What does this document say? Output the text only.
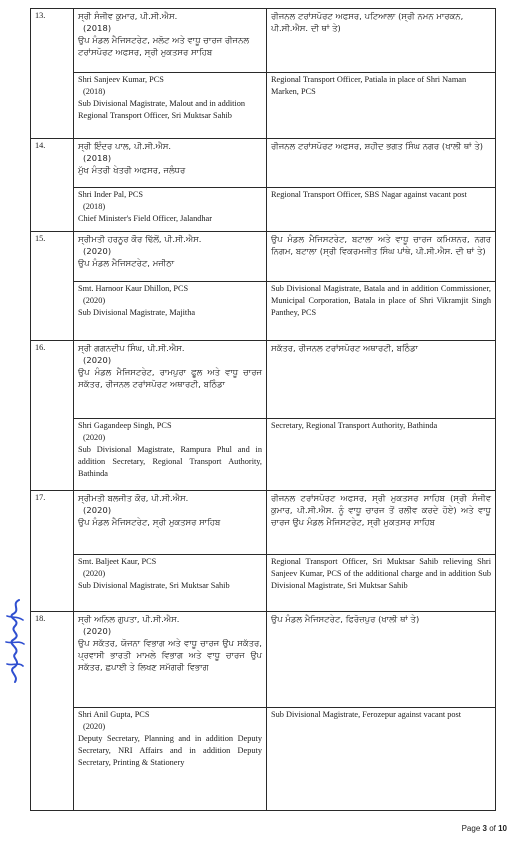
13.	ਸ੍ਰੀ ਸੰਜੀਵ ਕੁਮਾਰ, ਪੀ.ਸੀ.ਐਸ.
(2018)
ਉਪ ਮੰਡਲ ਮੈਜਿਸਟਰੇਟ, ਮਲੋਟ ਅਤੇ ਵਾਧੂ ਚਾਰਜ ਰੀਜਨਲ ਟਰਾਂਸਪੋਰਟ ਅਫਸਰ, ਸ੍ਰੀ ਮੁਕਤਸਰ ਸਾਹਿਬ	ਰੀਜਨਲ ਟਰਾਂਸਪੋਰਟ ਅਫਸਰ, ਪਟਿਆਲਾ (ਸ੍ਰੀ ਨਮਨ ਮਾਰਕਨ, ਪੀ.ਸੀ.ਐਸ. ਦੀ ਥਾਂ ਤੇ)

	Shri Sanjeev Kumar, PCS
(2018)
Sub Divisional Magistrate, Malout and in addition Regional Transport Officer, Sri Muktsar Sahib	Regional Transport Officer, Patiala in place of Shri Naman Marken, PCS
14.	ਸ੍ਰੀ ਇੰਦਰ ਪਾਲ, ਪੀ.ਸੀ.ਐਸ.
(2018)
ਮੁੱਖ ਮੰਤਰੀ ਖੇਤਰੀ ਅਫਸਰ, ਜਲੰਧਰ	ਰੀਜਨਲ ਟਰਾਂਸਪੋਰਟ ਅਫਸਰ, ਸ਼ਹੀਦ ਭਗਤ ਸਿੰਘ ਨਗਰ (ਖਾਲੀ ਥਾਂ ਤੇ)

	Shri Inder Pal, PCS
(2018)
Chief Minister's Field Officer, Jalandhar	Regional Transport Officer, SBS Nagar against vacant post
15.	ਸ੍ਰੀਮਤੀ ਹਰਨੂਰ ਕੌਰ ਢਿੱਲੋਂ, ਪੀ.ਸੀ.ਐਸ.
(2020)
ਉਪ ਮੰਡਲ ਮੈਜਿਸਟਰੇਟ, ਮਜੀਠਾ	ਉਪ ਮੰਡਲ ਮੈਜਿਸਟਰੇਟ, ਬਟਾਲਾ ਅਤੇ ਵਾਧੂ ਚਾਰਜ ਕਮਿਸ਼ਨਰ, ਨਗਰ ਨਿਗਮ, ਬਟਾਲਾ (ਸ੍ਰੀ ਵਿਕਰਮਜੀਤ ਸਿੰਘ ਪਾਂਥੇ, ਪੀ.ਸੀ.ਐਸ. ਦੀ ਥਾਂ ਤੇ)

	Smt. Harnoor Kaur Dhillon, PCS
(2020)
Sub Divisional Magistrate, Majitha	Sub Divisional Magistrate, Batala and in addition Commissioner, Municipal Corporation, Batala in place of Shri Vikramjit Singh Panthey, PCS
16.	ਸ੍ਰੀ ਗਗਨਦੀਪ ਸਿੰਘ, ਪੀ.ਸੀ.ਐਸ.
(2020)
ਉਪ ਮੰਡਲ ਮੈਜਿਸਟਰੇਟ, ਰਾਮਪੁਰਾ ਫੂਲ ਅਤੇ ਵਾਧੂ ਚਾਰਜ ਸਕੱਤਰ, ਰੀਜਨਲ ਟਰਾਂਸਪੋਰਟ ਅਥਾਰਟੀ, ਬਠਿੰਡਾ	ਸਕੱਤਰ, ਰੀਜਨਲ ਟਰਾਂਸਪੋਰਟ ਅਥਾਰਟੀ, ਬਠਿੰਡਾ

	Shri Gagandeep Singh, PCS
(2020)
Sub Divisional Magistrate, Rampura Phul and in addition Secretary, Regional Transport Authority, Bathinda	Secretary, Regional Transport Authority, Bathinda
17.	ਸ੍ਰੀਮਤੀ ਬਲਜੀਤ ਕੌਰ, ਪੀ.ਸੀ.ਐਸ.
(2020)
ਉਪ ਮੰਡਲ ਮੈਜਿਸਟਰੇਟ, ਸ੍ਰੀ ਮੁਕਤਸਰ ਸਾਹਿਬ	ਰੀਜਨਲ ਟਰਾਂਸਪੋਰਟ ਅਫਸਰ, ਸ੍ਰੀ ਮੁਕਤਸਰ ਸਾਹਿਬ (ਸ੍ਰੀ ਸੰਜੀਵ ਕੁਮਾਰ, ਪੀ.ਸੀ.ਐਸ. ਨੂੰ ਵਾਧੂ ਚਾਰਜ ਤੋਂ ਰਲੀਵ ਕਰਦੇ ਹੋਏ) ਅਤੇ ਵਾਧੂ ਚਾਰਜ ਉਪ ਮੰਡਲ ਮੈਜਿਸਟਰੇਟ, ਸ੍ਰੀ ਮੁਕਤਸਰ ਸਾਹਿਬ

	Smt. Baljeet Kaur, PCS
(2020)
Sub Divisional Magistrate, Sri Muktsar Sahib	Regional Transport Officer, Sri Muktsar Sahib relieving Shri Sanjeev Kumar, PCS of the additional charge and in addition Sub Divisional Magistrate, Sri Muktsar Sahib
18.	ਸ੍ਰੀ ਅਨਿਲ ਗੁਪਤਾ, ਪੀ.ਸੀ.ਐਸ.
(2020)
ਉਪ ਸਕੱਤਰ, ਯੋਜਨਾ ਵਿਭਾਗ ਅਤੇ ਵਾਧੂ ਚਾਰਜ ਉਪ ਸਕੱਤਰ, ਪ੍ਰਵਾਸੀ ਭਾਰਤੀ ਮਾਮਲੇ ਵਿਭਾਗ ਅਤੇ ਵਾਧੂ ਚਾਰਜ ਉਪ ਸਕੱਤਰ, ਛਪਾਈ ਤੇ ਲਿਖਣ ਸਮੱਗਰੀ ਵਿਭਾਗ	ਉਪ ਮੰਡਲ ਮੈਜਿਸਟਰੇਟ, ਫਿਰੋਜ਼ਪੁਰ (ਖਾਲੀ ਥਾਂ ਤੇ)

	Shri Anil Gupta, PCS
(2020)
Deputy Secretary, Planning and in addition Deputy Secretary, NRI Affairs and in addition Deputy Secretary, Printing & Stationery	Sub Divisional Magistrate, Ferozepur against vacant post
Page 3 of 10
